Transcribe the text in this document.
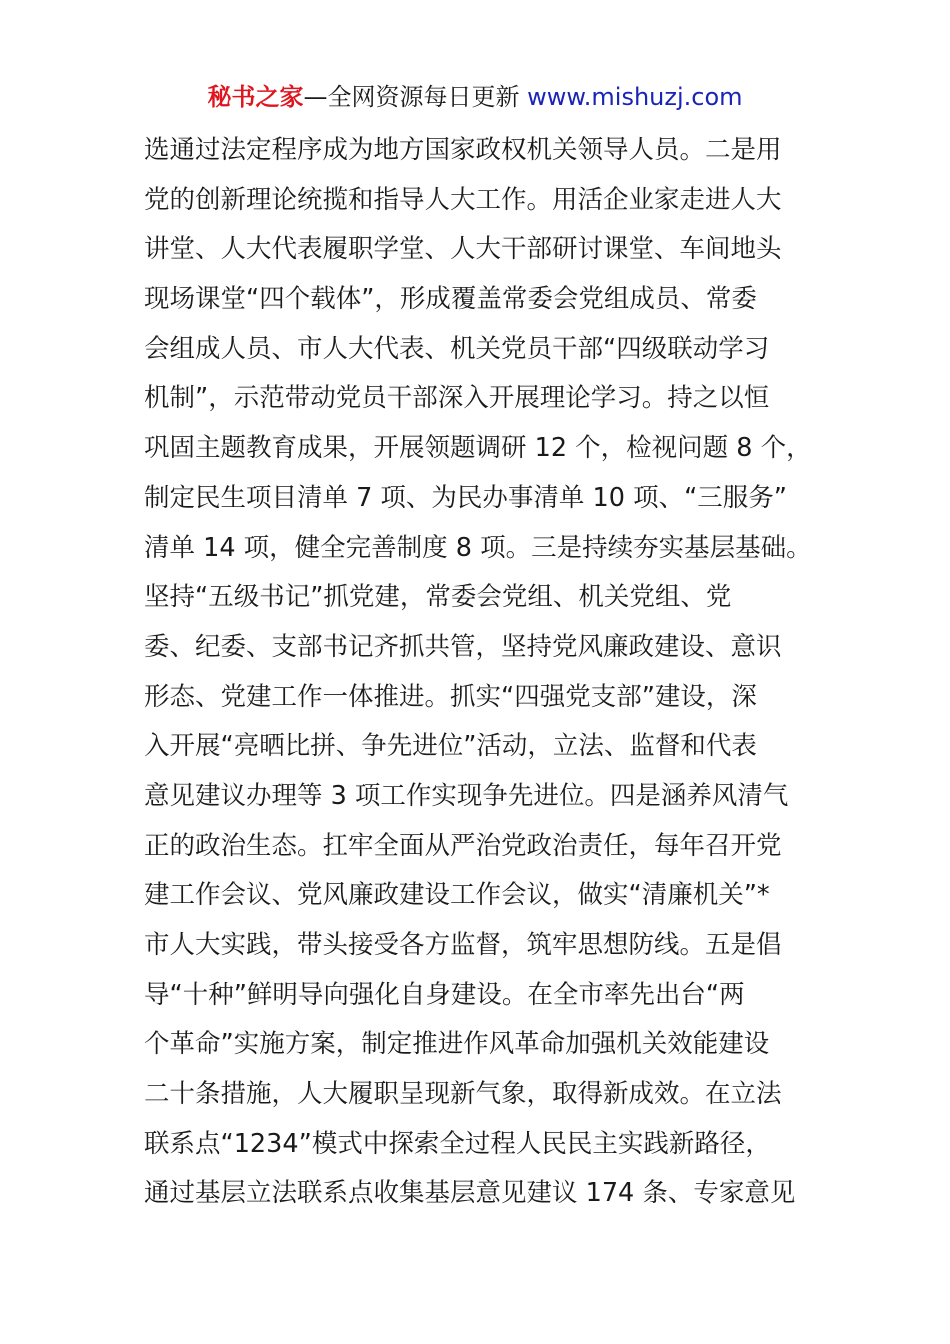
秘书之家—全网资源每日更新 www.mishuzj.com
选通过法定程序成为地方国家政权机关领导人员。二是用
党的创新理论统揽和指导人大工作。用活企业家走进人大
讲堂、人大代表履职学堂、人大干部研讨课堂、车间地头
现场课堂“四个载体”，形成覆盖常委会党组成员、常委
会组成人员、市人大代表、机关党员干部“四级联动学习
机制”，示范带动党员干部深入开展理论学习。持之以恒
巩固主题教育成果，开展领题调研 12 个，检视问题 8 个，
制定民生项目清单 7 项、为民办事清单 10 项、“三服务”
清单 14 项，健全完善制度 8 项。三是持续夯实基层基础。
坚持“五级书记”抓党建，常委会党组、机关党组、党
委、纪委、支部书记齐抓共管，坚持党风廉政建设、意识
形态、党建工作一体推进。抓实“四强党支部”建设，深
入开展“亮晒比拼、争先进位”活动，立法、监督和代表
意见建议办理等 3 项工作实现争先进位。四是涵养风清气
正的政治生态。扛牢全面从严治党政治责任，每年召开党
建工作会议、党风廉政建设工作会议，做实“清廉机关”*
市人大实践，带头接受各方监督，筑牢思想防线。五是倡
导“十种”鲜明导向强化自身建设。在全市率先出台“两
个革命”实施方案，制定推进作风革命加强机关效能建设
二十条措施，人大履职呈现新气象，取得新成效。在立法
联系点“1234”模式中探索全过程人民民主实践新路径，
通过基层立法联系点收集基层意见建议 174 条、专家意见
